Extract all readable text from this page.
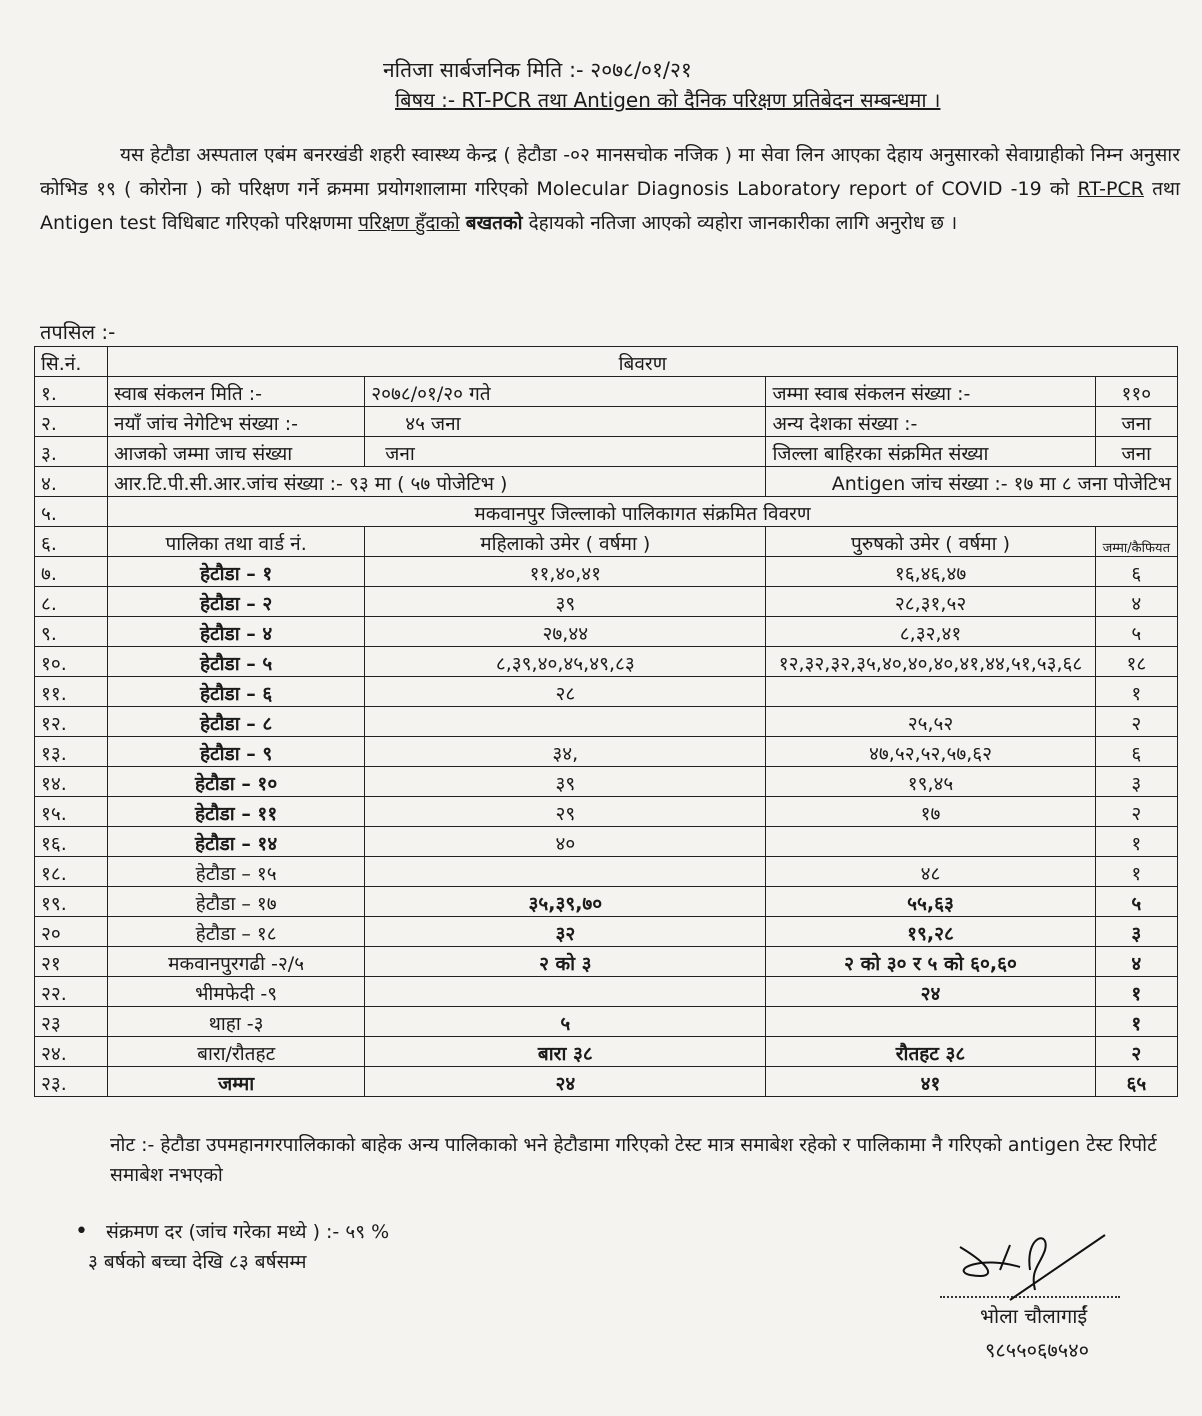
नतिजा सार्बजनिक मिति :- २०७८/०१/२१
बिषय :- RT-PCR तथा Antigen को दैनिक परिक्षण प्रतिबेदन सम्बन्धमा ।
यस हेटौडा अस्पताल एबंम बनरखंडी शहरी स्वास्थ्य केन्द्र ( हेटौडा -०२ मानसचोक नजिक ) मा सेवा लिन आएका देहाय अनुसारको सेवाग्राहीको निम्न अनुसार कोभिड १९ ( कोरोना ) को परिक्षण गर्ने क्रममा प्रयोगशालामा गरिएको Molecular Diagnosis Laboratory report of COVID -19 को RT-PCR तथा Antigen test विधिबाट गरिएको परिक्षणमा परिक्षण हुँदाको बखतको देहायको नतिजा आएको व्यहोरा जानकारीका लागि अनुरोध छ ।
तपसिल :-
सि.नं.	बिवरण			
१.	स्वाब संकलन मिति :-	२०७८/०१/२० गते	जम्मा स्वाब संकलन संख्या :-	११०
२.	नयाँ जांच नेगेटिभ संख्या :-	४५ जना	अन्य देशका संख्या :-	जना
३.	आजको जम्मा जाच संख्या	जना	जिल्ला बाहिरका संक्रमित संख्या	जना
४.	आर.टि.पी.सी.आर.जांच संख्या :- ९३ मा ( ५७ पोजेटिभ )		Antigen जांच संख्या :- १७ मा ८ जना पोजेटिभ	
५.	मकवानपुर जिल्लाको पालिकागत संक्रमित विवरण			
६.	पालिका तथा वार्ड नं.	महिलाको उमेर ( वर्षमा )	पुरुषको उमेर ( वर्षमा )	जम्मा/कैफियत
७.	हेटौडा – १	११,४०,४१	१६,४६,४७	६
८.	हेटौडा – २	३९	२८,३१,५२	४
९.	हेटौडा – ४	२७,४४	८,३२,४१	५
१०.	हेटौडा – ५	८,३९,४०,४५,४९,८३	१२,३२,३२,३५,४०,४०,४०,४१,४४,५१,५३,६८	१८
११.	हेटौडा – ६	२८		१
१२.	हेटौडा – ८		२५,५२	२
१३.	हेटौडा – ९	३४,	४७,५२,५२,५७,६२	६
१४.	हेटौडा – १०	३९	१९,४५	३
१५.	हेटौडा – ११	२९	१७	२
१६.	हेटौडा – १४	४०		१
१८.	हेटौडा – १५		४८	१
१९.	हेटौडा – १७	३५,३९,७०	५५,६३	५
२०	हेटौडा – १८	३२	१९,२८	३
२१	मकवानपुरगढी -२/५	२ को ३	२ को ३० र ५ को ६०,६०	४
२२.	भीमफेदी -९		२४	१
२३	थाहा -३	५		१
२४.	बारा/रौतहट	बारा ३८	रौतहट ३८	२
२३.	जम्मा	२४	४१	६५
नोट :- हेटौडा उपमहानगरपालिकाको बाहेक अन्य पालिकाको भने हेटौडामा गरिएको टेस्ट मात्र समाबेश रहेको र पालिकामा नै गरिएको antigen टेस्ट रिपोर्ट समाबेश नभएको
• संक्रमण दर (जांच गरेका मध्ये ) :- ५९ %
३ बर्षको बच्चा देखि ८३ बर्षसम्म
भोला चौलागाईं
९८५५०६७५४०
